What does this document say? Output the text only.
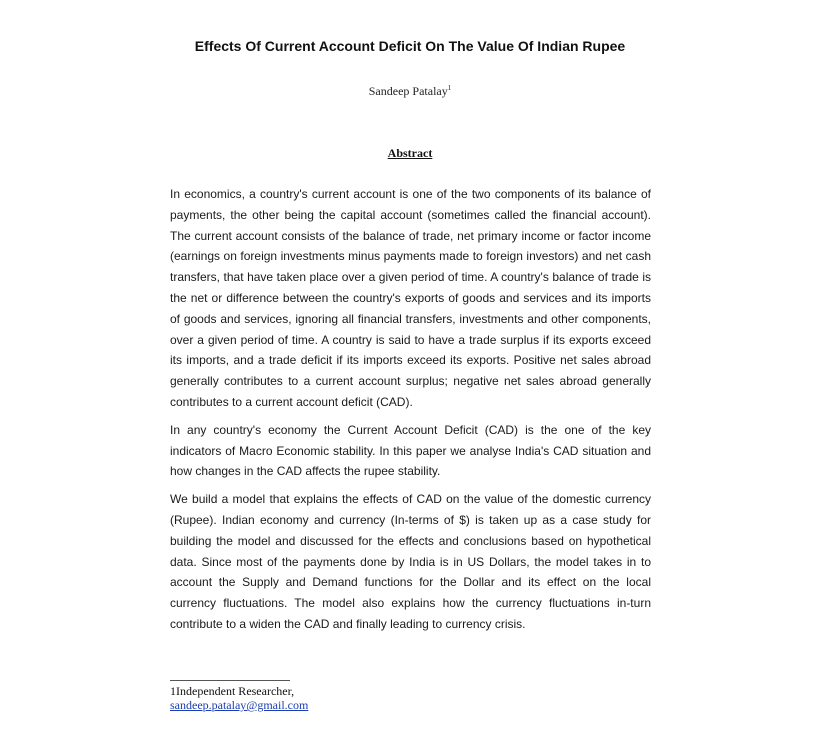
Effects Of Current Account Deficit On The Value Of Indian Rupee
Sandeep Patalay$^1$
Abstract

In economics, a country's current account is one of the two components of its balance of payments, the other being the capital account (sometimes called the financial account). The current account consists of the balance of trade, net primary income or factor income (earnings on foreign investments minus payments made to foreign investors) and net cash transfers, that have taken place over a given period of time. A country's balance of trade is the net or difference between the country's exports of goods and services and its imports of goods and services, ignoring all financial transfers, investments and other components, over a given period of time. A country is said to have a trade surplus if its exports exceed its imports, and a trade deficit if its imports exceed its exports. Positive net sales abroad generally contributes to a current account surplus; negative net sales abroad generally contributes to a current account deficit (CAD).

In any country's economy the Current Account Deficit (CAD) is the one of the key indicators of Macro Economic stability. In this paper we analyse India's CAD situation and how changes in the CAD affects the rupee stability.

We build a model that explains the effects of CAD on the value of the domestic currency (Rupee). Indian economy and currency (In-terms of $) is taken up as a case study for building the model and discussed for the effects and conclusions based on hypothetical data. Since most of the payments done by India is in US Dollars, the model takes in to account the Supply and Demand functions for the Dollar and its effect on the local currency fluctuations. The model also explains how the currency fluctuations in-turn contribute to a widen the CAD and finally leading to currency crisis.

1Independent Researcher,
sandeep.patalay@gmail.com
